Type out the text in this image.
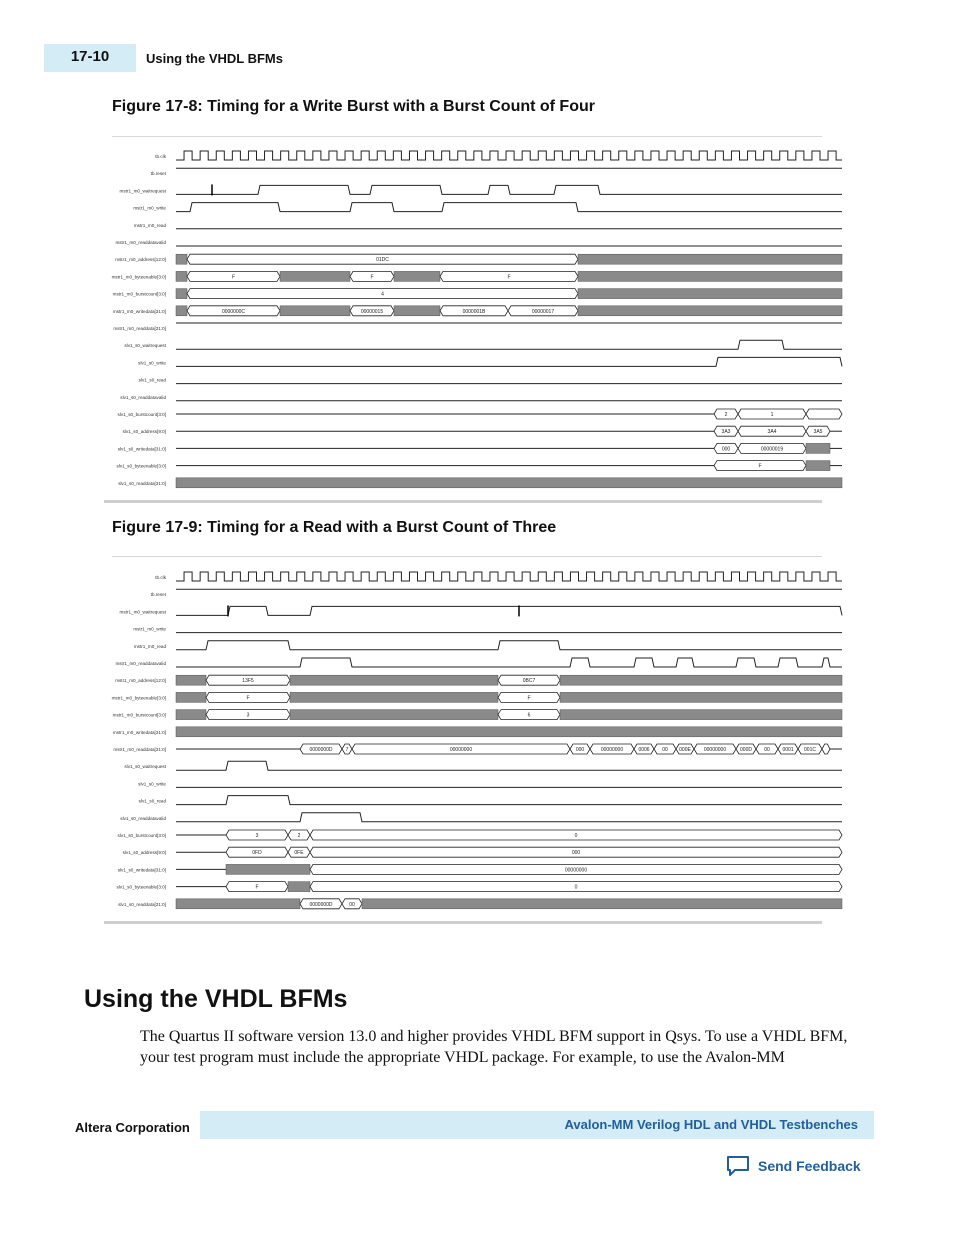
17-10	Using the VHDL BFMs
Figure 17-8: Timing for a Write Burst with a Burst Count of Four
tb.clk
tb.reset
mstr1_m0_waitrequest
mstr1_m0_write
mstr1_m0_read
mstr1_m0_readdatavalid
mstr1_m0_address[12:0]	01DC
mstr1_m0_byteenable[3:0]	F	F	F
mstr1_m0_burstcount[3:0]	4
mstr1_m0_writedata[31:0]	0000000C	00000015	0000001B	00000017
mstr1_m0_readdata[31:0]
slv1_s0_waitrequest
slv1_s0_write
slv1_s0_read
slv1_s0_readdatavalid
slv1_s0_burstcount[3:0]	2	1
slv1_s0_address[9:0]	3A3	3A4	3A5
slv1_s0_writedata[31:0]	000	00000019
slv1_s0_byteenable[3:0]	F
slv1_s0_readdata[31:0]
Figure 17-9: Timing for a Read with a Burst Count of Three
tb.clk
tb.reset
mstr1_m0_waitrequest
mstr1_m0_write
mstr1_m0_read
mstr1_m0_readdatavalid
mstr1_m0_address[12:0]	13F5	0BC7
mstr1_m0_byteenable[3:0]	F	F
mstr1_m0_burstcount[3:0]	3	6
mstr1_m0_writedata[31:0]
mstr1_m0_readdata[31:0]	0000000D	7	00000000	000	00000000	0006	00 000E	00000000	000D 00	0001 001C
slv1_s0_waitrequest
slv1_s0_write
slv1_s0_read
slv1_s0_readdatavalid
slv1_s0_burstcount[3:0]	3	2	0
slv1_s0_address[9:0]	0FD	0FE	000
slv1_s0_writedata[31:0]	00000000
slv1_s0_byteenable[3:0]	F	0
slv1_s0_readdata[31:0]	0000000D	00
Using the VHDL BFMs
The Quartus II software version 13.0 and higher provides VHDL BFM support in Qsys. To use a VHDL BFM, your test program must include the appropriate VHDL package. For example, to use the Avalon-MM
Altera Corporation	Avalon-MM Verilog HDL and VHDL Testbenches
Send Feedback
